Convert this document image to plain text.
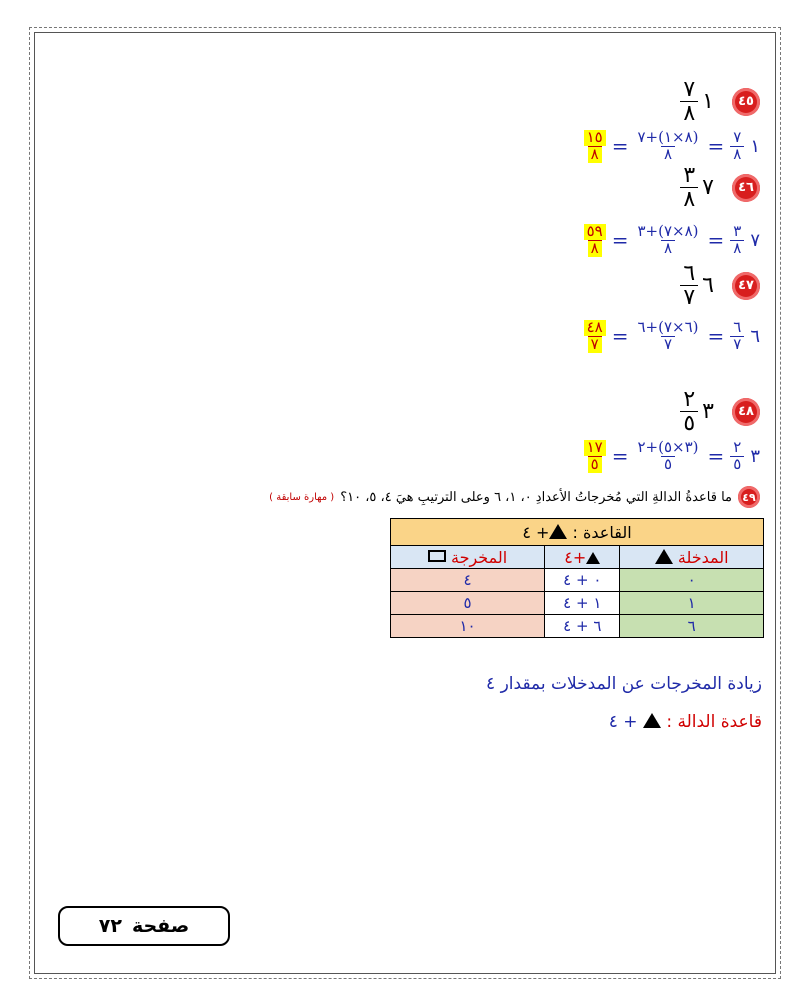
٤٥
١
$\frac{٧}{٨}$
١
$\frac{٧}{٨}$
=
$\frac{(٨\times ١)+٧}{٨}$
=
$\frac{١٥}{٨}$
٤٦
٧
$\frac{٣}{٨}$
٧
$\frac{٣}{٨}$
=
$\frac{(٨\times ٧)+٣}{٨}$
=
$\frac{٥٩}{٨}$
٤٧
٦
$\frac{٦}{٧}$
٦
$\frac{٦}{٧}$
=
$\frac{(٦\times ٧)+٦}{٧}$
=
$\frac{٤٨}{٧}$
٤٨
٣
$\frac{٢}{٥}$
٣
$\frac{٢}{٥}$
=
$\frac{(٣\times ٥)+٢}{٥}$
=
$\frac{١٧}{٥}$
٤٩
ما قاعدةُ الدالةِ التي مُخرجاتُ الأعدادِ ٠، ١، ٦ وعلى الترتيبِ هيَ ٤، ٥، ١٠؟
( مهارة سابقة )
القاعدة : + ٤		
المدخلة	+٤	المخرجة
٠	٠ + ٤	٤
١	١ + ٤	٥
٦	٦ + ٤	١٠
زيادة المخرجات عن المدخلات بمقدار ٤
قاعدة الدالة :  + ٤
صفحة
٧٢
